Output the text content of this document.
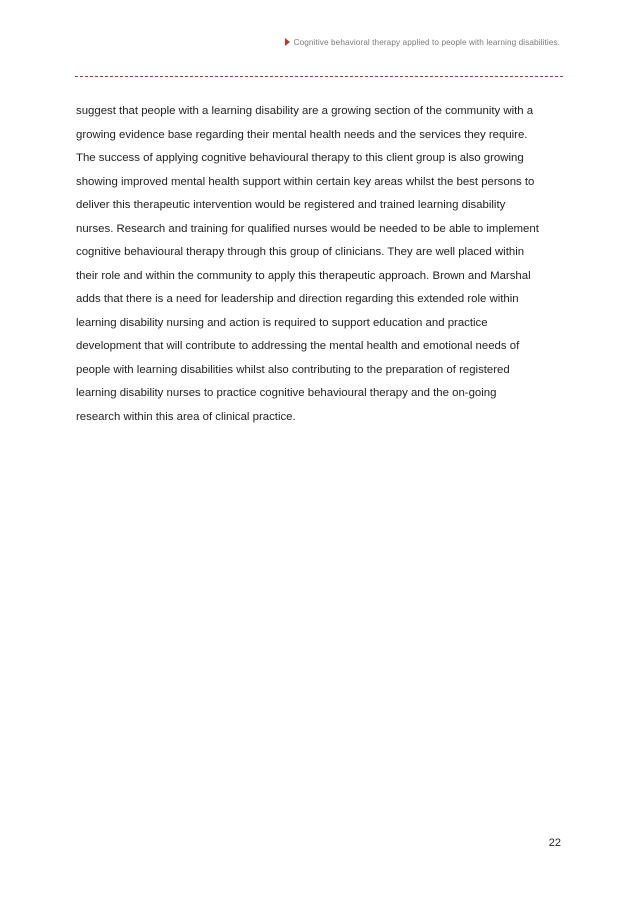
Cognitive behavioral therapy applied to people with learning disabilities.
suggest that people with a learning disability are a growing section of the community with a
growing evidence base regarding their mental health needs and the services they require.
The success of applying cognitive behavioural therapy to this client group is also growing
showing improved mental health support within certain key areas whilst the best persons to
deliver this therapeutic intervention would be registered and trained learning disability
nurses. Research and training for qualified nurses would be needed to be able to implement
cognitive behavioural therapy through this group of clinicians. They are well placed within
their role and within the community to apply this therapeutic approach. Brown and Marshal
adds that there is a need for leadership and direction regarding this extended role within
learning disability nursing and action is required to support education and practice
development that will contribute to addressing the mental health and emotional needs of
people with learning disabilities whilst also contributing to the preparation of registered
learning disability nurses to practice cognitive behavioural therapy and the on-going
research within this area of clinical practice.
22
